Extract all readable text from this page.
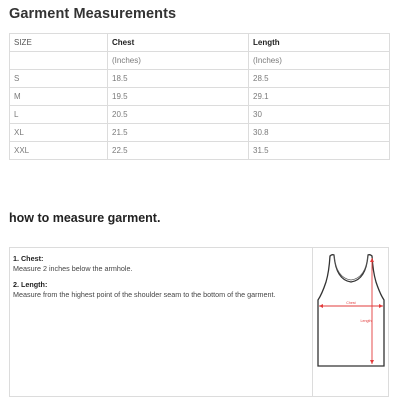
Garment Measurements
SIZE	Chest	Length
	(Inches)	(Inches)
S	18.5	28.5
M	19.5	29.1
L	20.5	30
XL	21.5	30.8
XXL	22.5	31.5
how to measure garment.
1. Chest:
Measure 2 inches below the armhole.
2. Length:
Measure from the highest point of the shoulder seam to the bottom of the garment.
Chest
Length
